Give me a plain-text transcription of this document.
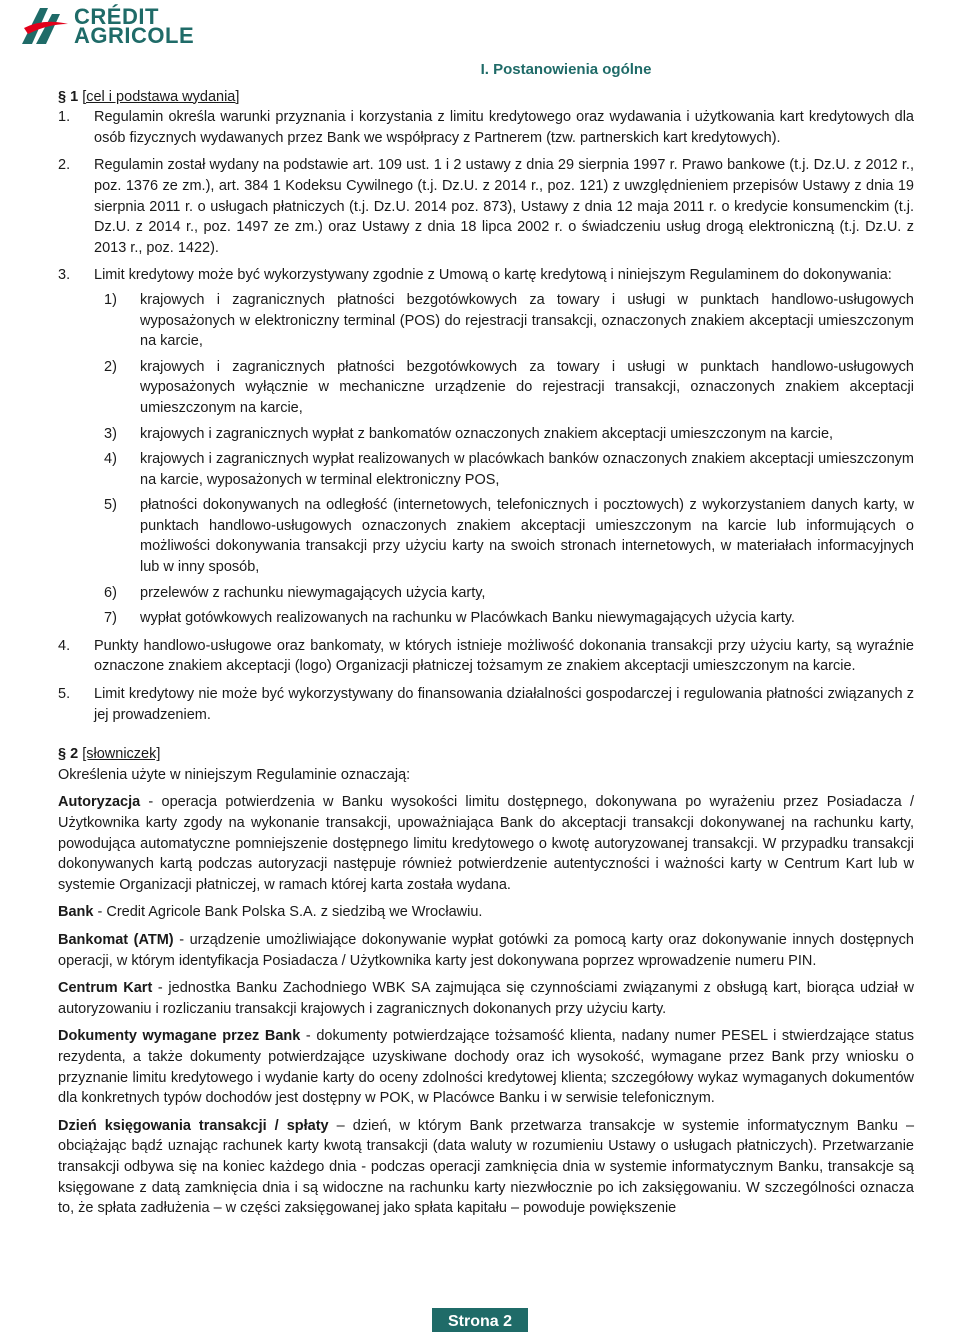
CRÉDIT
AGRICOLE
I. Postanowienia ogólne

§ 1 [cel i podstawa wydania]

1. Regulamin określa warunki przyznania i korzystania z limitu kredytowego oraz wydawania i użytkowania kart kredytowych dla osób fizycznych wydawanych przez Bank we współpracy z Partnerem (tzw. partnerskich kart kredytowych).
2. Regulamin został wydany na podstawie art. 109 ust. 1 i 2 ustawy z dnia 29 sierpnia 1997 r. Prawo bankowe (t.j. Dz.U. z 2012 r., poz. 1376 ze zm.), art. 384 1 Kodeksu Cywilnego (t.j. Dz.U. z 2014 r., poz. 121) z uwzględnieniem przepisów Ustawy z dnia 19 sierpnia 2011 r. o usługach płatniczych (t.j. Dz.U. 2014 poz. 873), Ustawy z dnia 12 maja 2011 r. o kredycie konsumenckim (t.j. Dz.U. z 2014 r., poz. 1497 ze zm.) oraz Ustawy z dnia 18 lipca 2002 r. o świadczeniu usług drogą elektroniczną (t.j. Dz.U. z 2013 r., poz. 1422).
3. Limit kredytowy może być wykorzystywany zgodnie z Umową o kartę kredytową i niniejszym Regulaminem do dokonywania:
1) krajowych i zagranicznych płatności bezgotówkowych za towary i usługi w punktach handlowo-usługowych wyposażonych w elektroniczny terminal (POS) do rejestracji transakcji, oznaczonych znakiem akceptacji umieszczonym na karcie,
2) krajowych i zagranicznych płatności bezgotówkowych za towary i usługi w punktach handlowo-usługowych wyposażonych wyłącznie w mechaniczne urządzenie do rejestracji transakcji, oznaczonych znakiem akceptacji umieszczonym na karcie,
3) krajowych i zagranicznych wypłat z bankomatów oznaczonych znakiem akceptacji umieszczonym na karcie,
4) krajowych i zagranicznych wypłat realizowanych w placówkach banków oznaczonych znakiem akceptacji umieszczonym na karcie, wyposażonych w terminal elektroniczny POS,
5) płatności dokonywanych na odległość (internetowych, telefonicznych i pocztowych) z wykorzystaniem danych karty, w punktach handlowo-usługowych oznaczonych znakiem akceptacji umieszczonym na karcie lub informujących o możliwości dokonywania transakcji przy użyciu karty na swoich stronach internetowych, w materiałach informacyjnych lub w inny sposób,
6) przelewów z rachunku niewymagających użycia karty,
7) wypłat gotówkowych realizowanych na rachunku w Placówkach Banku niewymagających użycia karty.
4. Punkty handlowo-usługowe oraz bankomaty, w których istnieje możliwość dokonania transakcji przy użyciu karty, są wyraźnie oznaczone znakiem akceptacji (logo) Organizacji płatniczej tożsamym ze znakiem akceptacji umieszczonym na karcie.
5. Limit kredytowy nie może być wykorzystywany do finansowania działalności gospodarczej i regulowania płatności związanych z jej prowadzeniem.

§ 2 [słowniczek]

Określenia użyte w niniejszym Regulaminie oznaczają:

Autoryzacja - operacja potwierdzenia w Banku wysokości limitu dostępnego, dokonywana po wyrażeniu przez Posiadacza / Użytkownika karty zgody na wykonanie transakcji, upoważniająca Bank do akceptacji transakcji dokonywanej na rachunku karty, powodująca automatyczne pomniejszenie dostępnego limitu kredytowego o kwotę autoryzowanej transakcji. W przypadku transakcji dokonywanych kartą podczas autoryzacji następuje również potwierdzenie autentyczności i ważności karty w Centrum Kart lub w systemie Organizacji płatniczej, w ramach której karta została wydana.

Bank - Credit Agricole Bank Polska S.A. z siedzibą we Wrocławiu.

Bankomat (ATM) - urządzenie umożliwiające dokonywanie wypłat gotówki za pomocą karty oraz dokonywanie innych dostępnych operacji, w którym identyfikacja Posiadacza / Użytkownika karty jest dokonywana poprzez wprowadzenie numeru PIN.

Centrum Kart - jednostka Banku Zachodniego WBK SA zajmująca się czynnościami związanymi z obsługą kart, biorąca udział w autoryzowaniu i rozliczaniu transakcji krajowych i zagranicznych dokonanych przy użyciu karty.

Dokumenty wymagane przez Bank - dokumenty potwierdzające tożsamość klienta, nadany numer PESEL i stwierdzające status rezydenta, a także dokumenty potwierdzające uzyskiwane dochody oraz ich wysokość, wymagane przez Bank przy wniosku o przyznanie limitu kredytowego i wydanie karty do oceny zdolności kredytowej klienta; szczegółowy wykaz wymaganych dokumentów dla konkretnych typów dochodów jest dostępny w POK, w Placówce Banku i w serwisie telefonicznym.

Dzień księgowania transakcji / spłaty – dzień, w którym Bank przetwarza transakcje w systemie informatycznym Banku – obciążając bądź uznając rachunek karty kwotą transakcji (data waluty w rozumieniu Ustawy o usługach płatniczych). Przetwarzanie transakcji odbywa się na koniec każdego dnia - podczas operacji zamknięcia dnia w systemie informatycznym Banku, transakcje są księgowane z datą zamknięcia dnia i są widoczne na rachunku karty niezwłocznie po ich zaksięgowaniu. W szczególności oznacza to, że spłata zadłużenia – w części zaksięgowanej jako spłata kapitału – powoduje powiększenie

Strona 2
